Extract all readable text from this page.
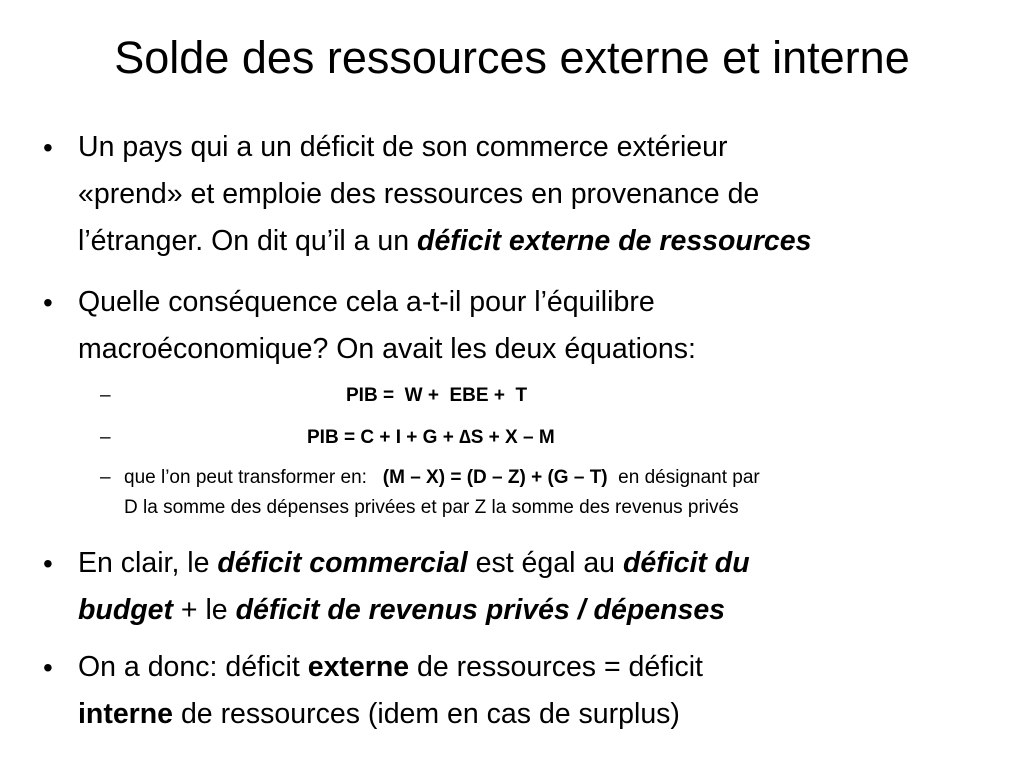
Solde des ressources externe et interne
• Un pays qui a un déficit de son commerce extérieur
«prend» et emploie des ressources en provenance de
l’étranger. On dit qu’il a un déficit externe de ressources
• Quelle conséquence cela a-t-il pour l’équilibre
macroéconomique? On avait les deux équations:
–	PIB =  W +  EBE +  T
–	PIB = C + I + G + ∆S + X – M
– que l’on peut transformer en:   (M – X) = (D – Z) + (G – T)  en désignant par
D la somme des dépenses privées et par Z la somme des revenus privés
• En clair, le déficit commercial est égal au déficit du
budget + le déficit de revenus privés / dépenses
• On a donc: déficit externe de ressources = déficit
interne de ressources (idem en cas de surplus)
